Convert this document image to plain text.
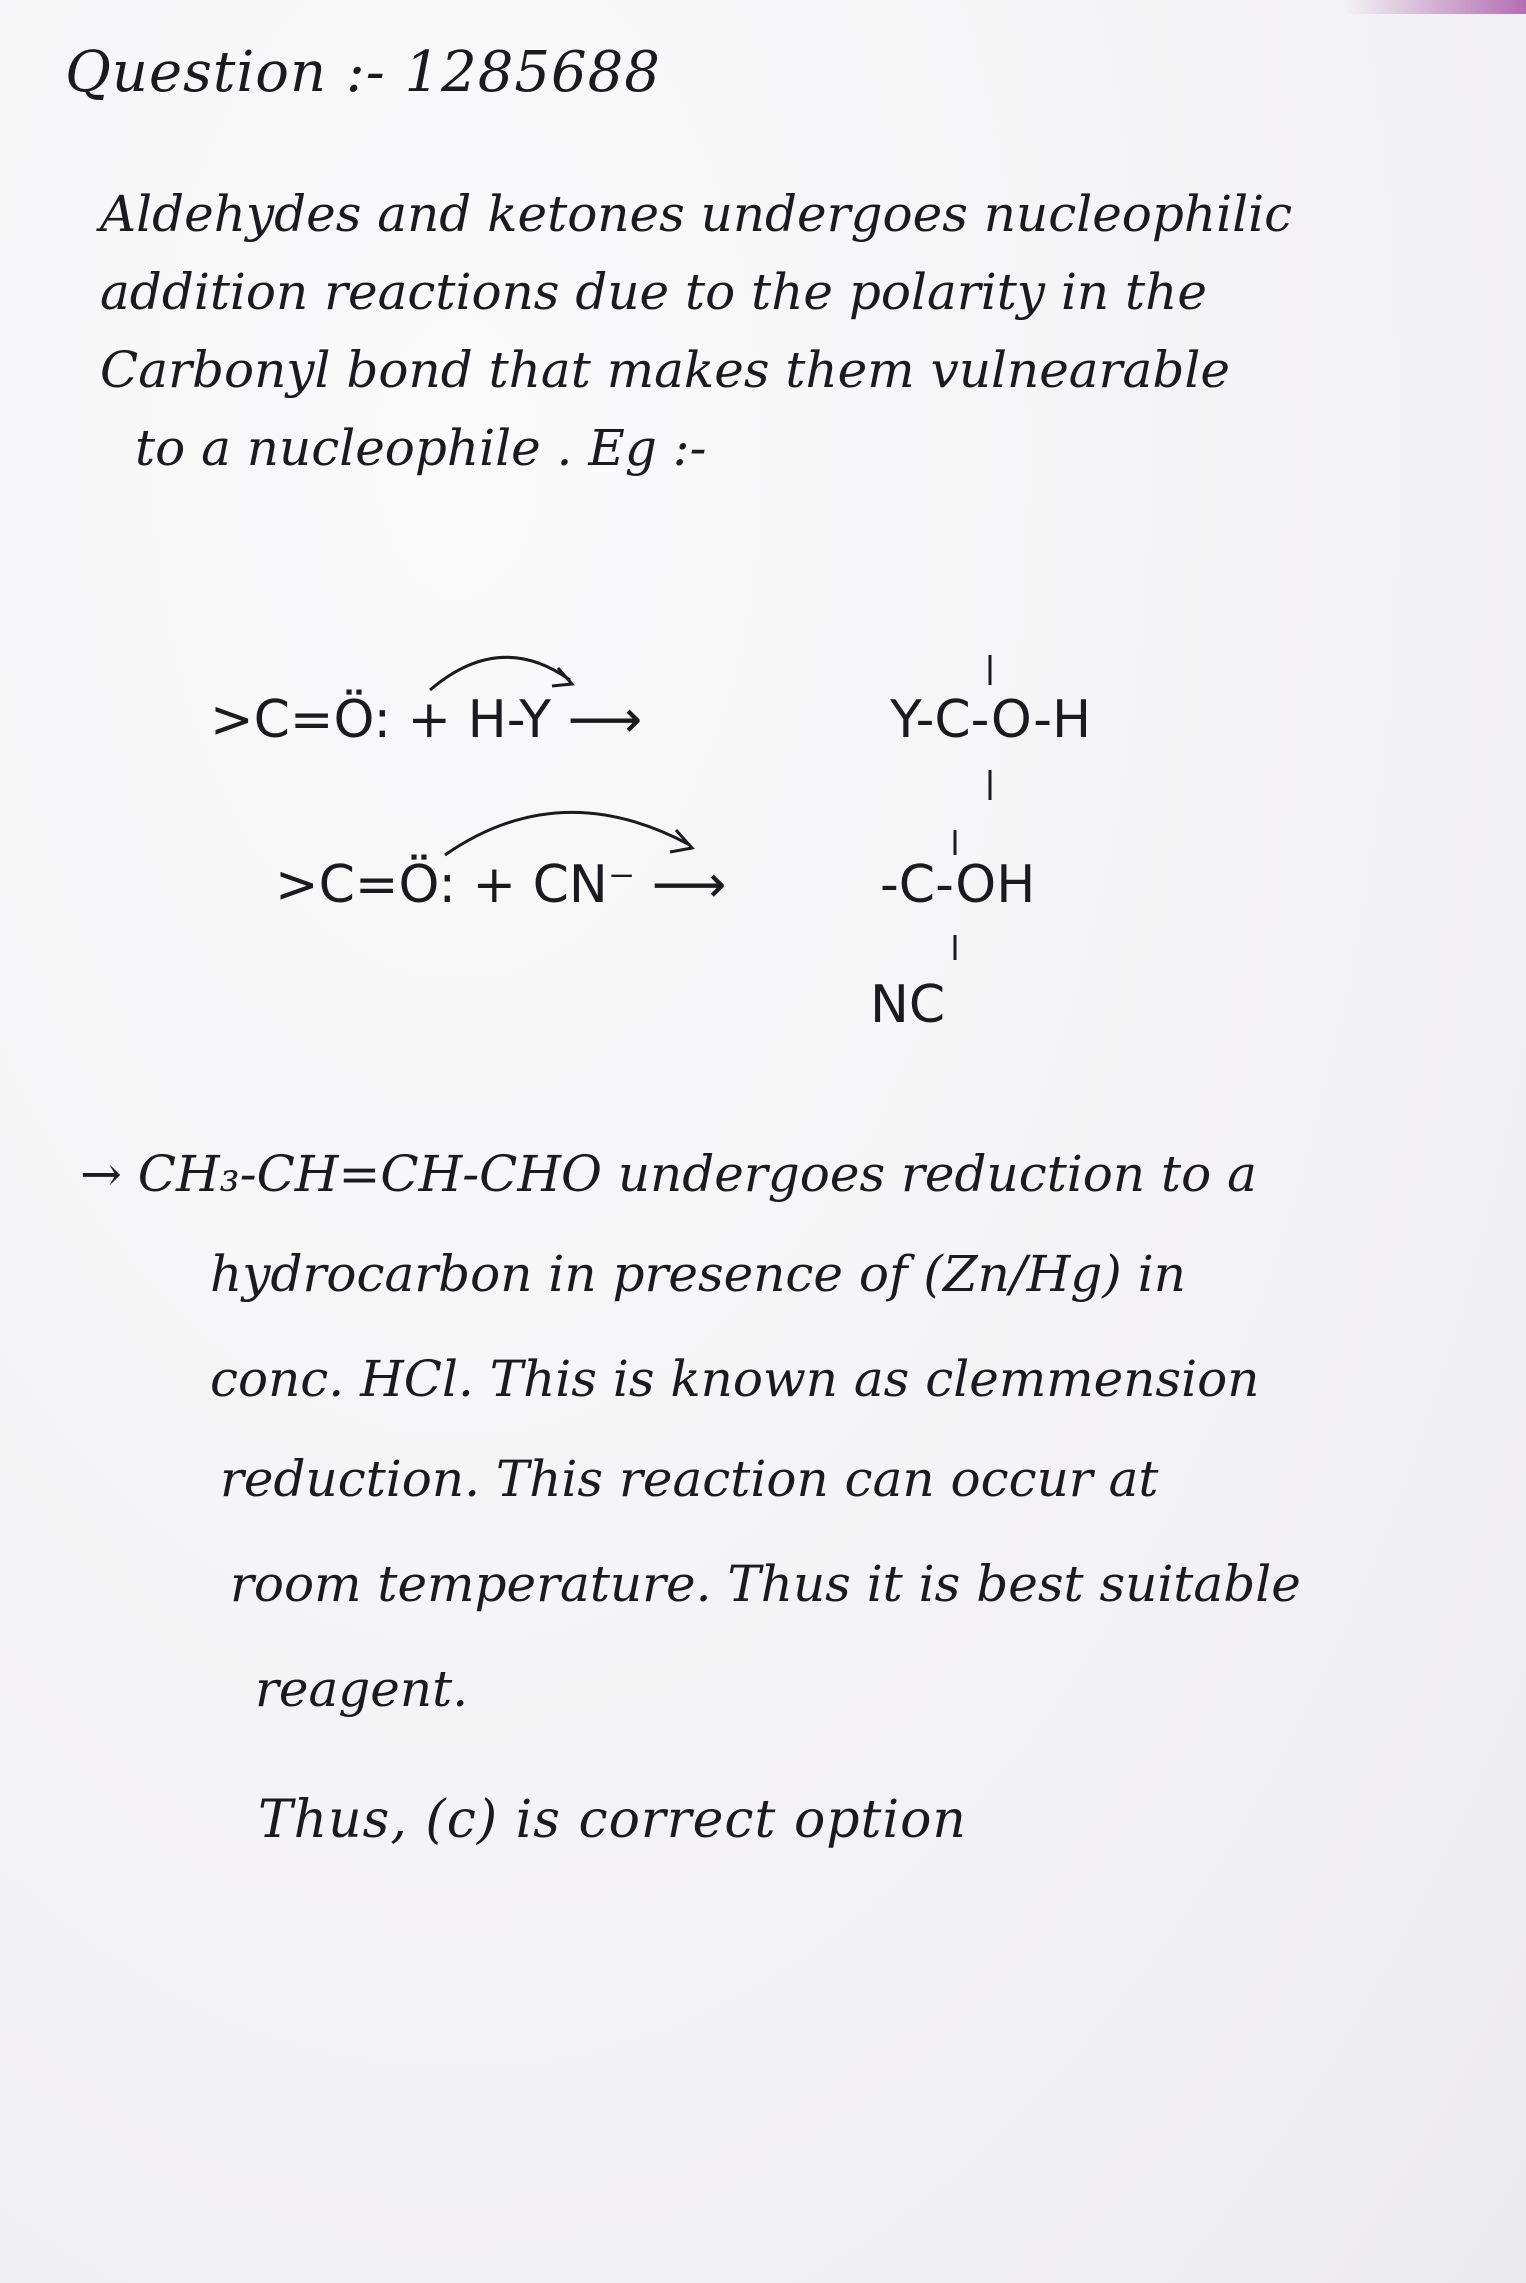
Question :- 1285688
Aldehydes and ketones undergoes nucleophilic
addition reactions due to the polarity in the
Carbonyl bond that makes them vulnearable
to a nucleophile . Eg :-
>C=Ö: + H-Y ⟶	Y-C-O-H
>C=Ö: + CN⁻ ⟶	-C-OH
NC
→ CH₃-CH=CH-CHO undergoes reduction to a
hydrocarbon in presence of (Zn/Hg) in
conc. HCl. This is known as clemmension
reduction. This reaction can occur at
room temperature. Thus it is best suitable
reagent.
Thus, (c) is correct option
